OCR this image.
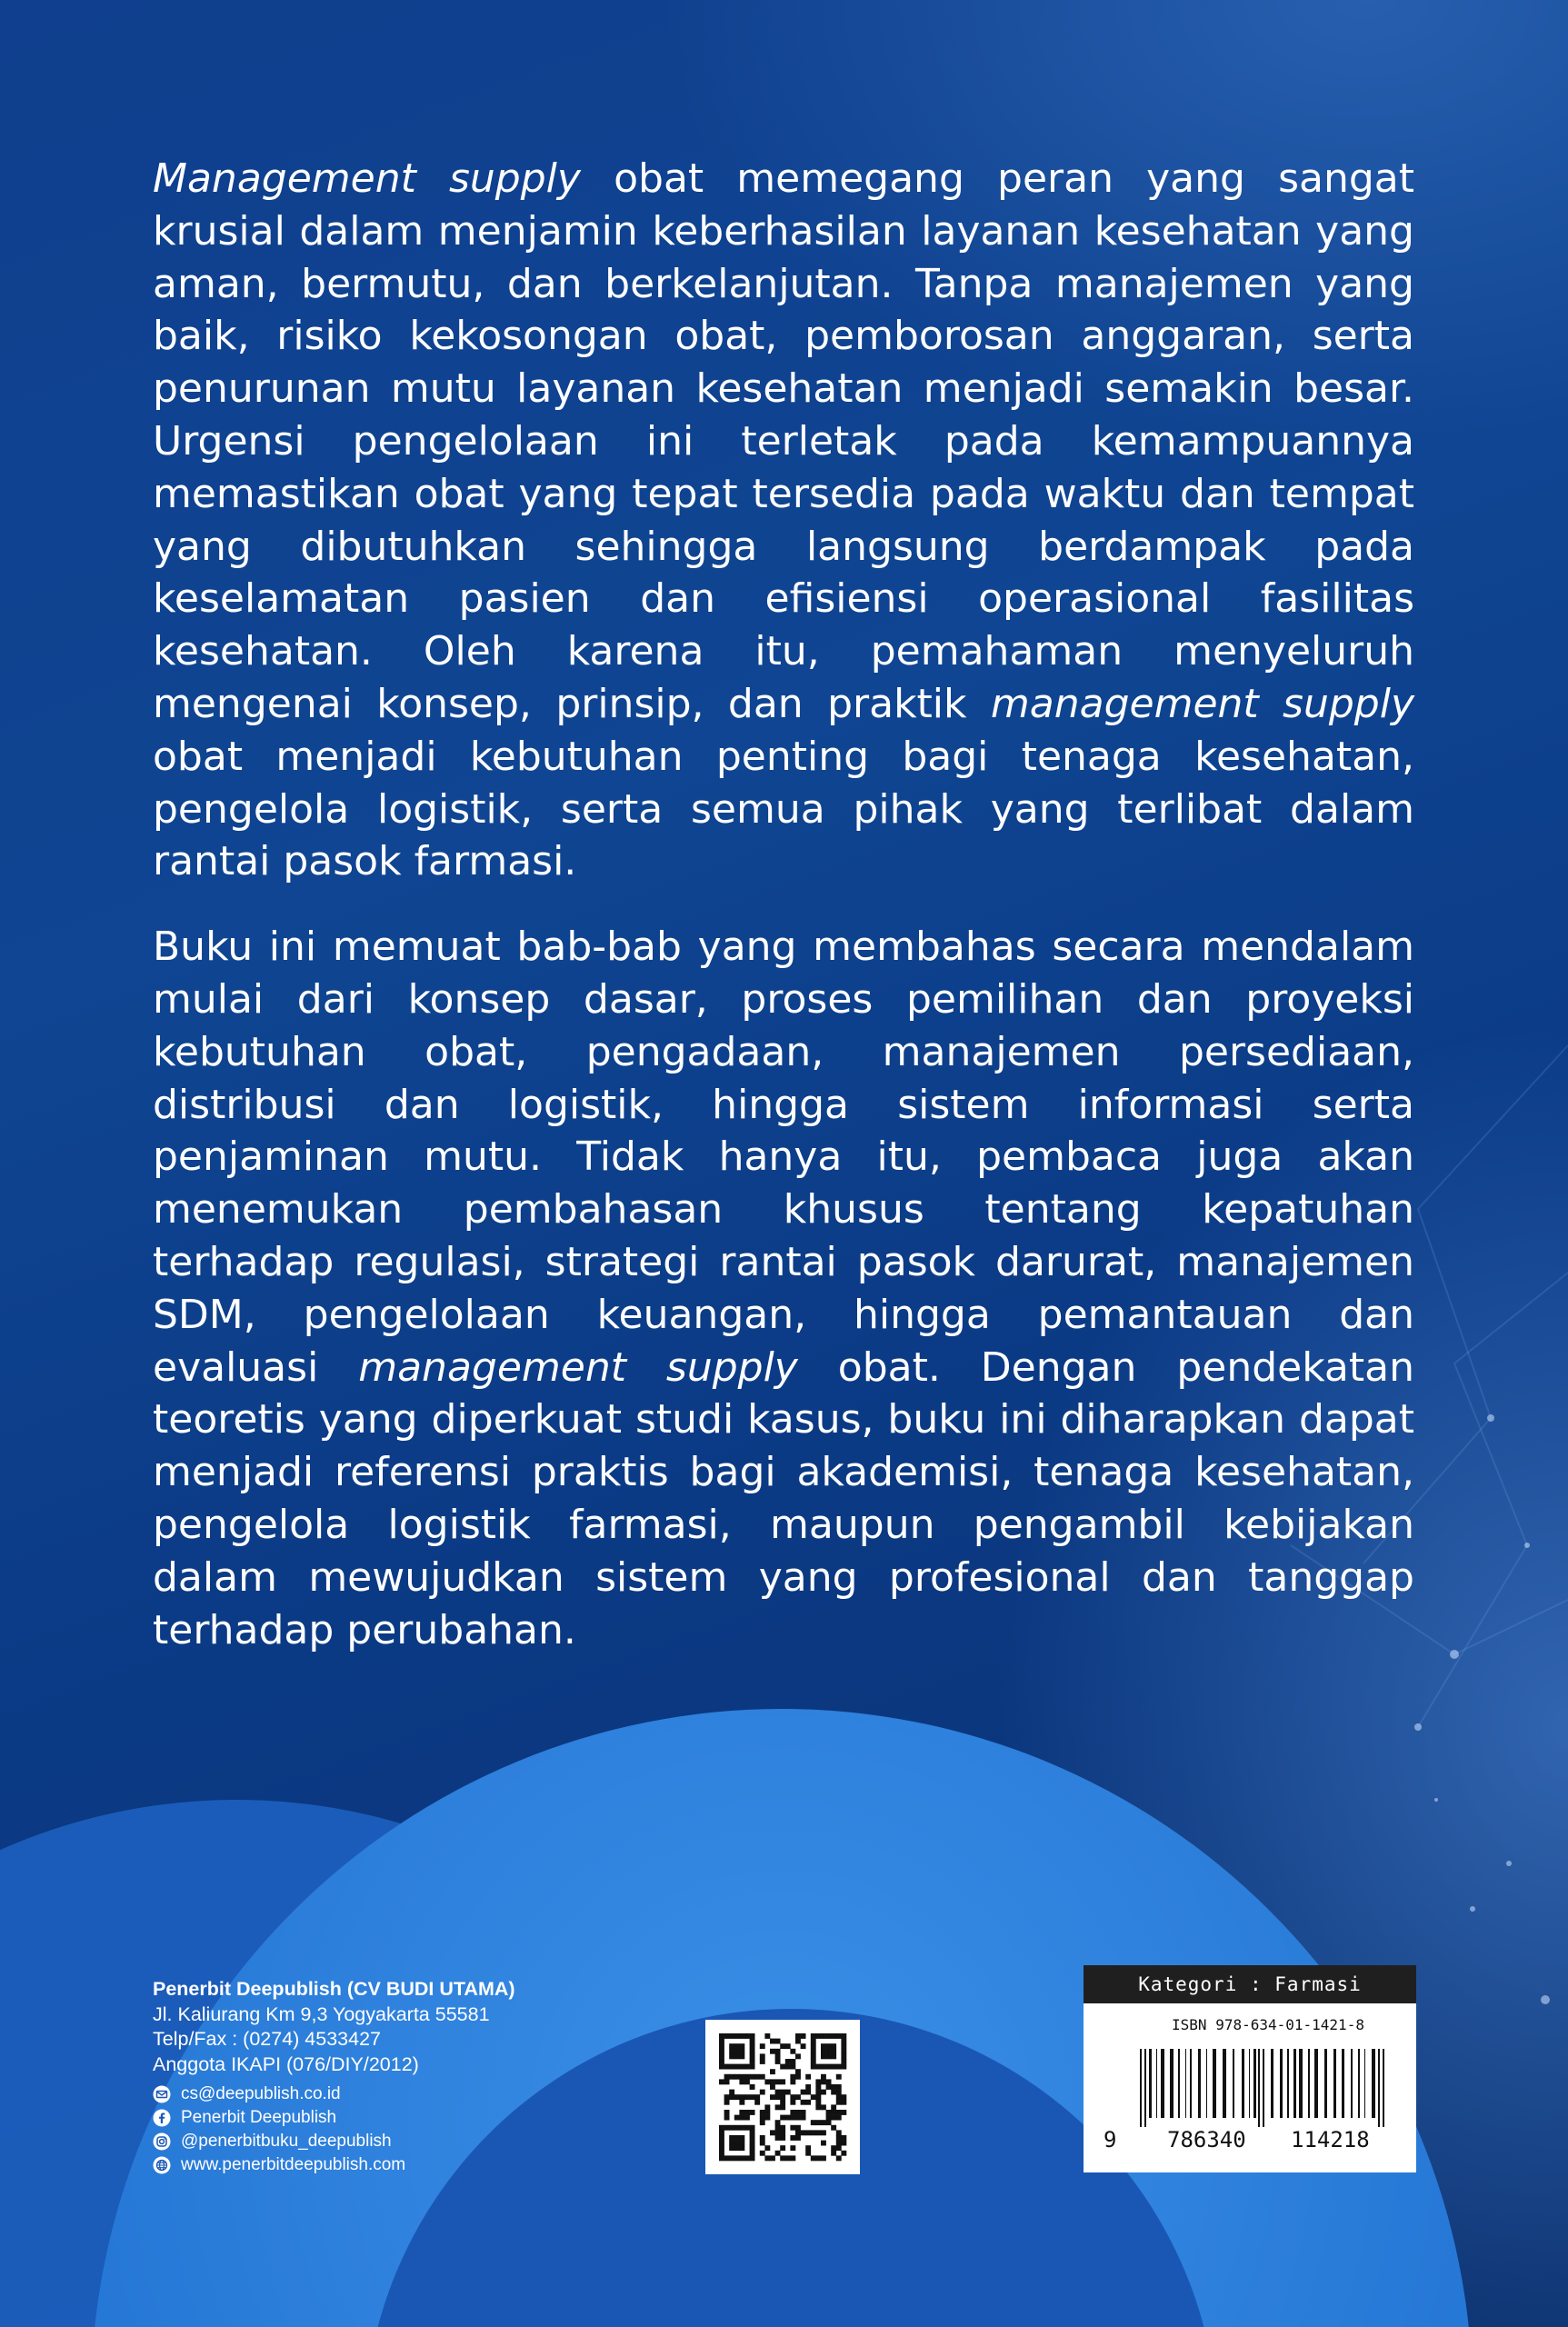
Management supply obat memegang peran yang sangat krusial dalam menjamin keberhasilan layanan kesehatan yang aman, bermutu, dan berkelanjutan. Tanpa manajemen yang baik, risiko kekosongan obat, pemborosan anggaran, serta penurunan mutu layanan kesehatan menjadi semakin besar. Urgensi pengelolaan ini terletak pada kemampuannya memastikan obat yang tepat tersedia pada waktu dan tempat yang dibutuhkan sehingga langsung berdampak pada keselamatan pasien dan efisiensi operasional fasilitas kesehatan. Oleh karena itu, pemahaman menyeluruh mengenai konsep, prinsip, dan praktik management supply obat menjadi kebutuhan penting bagi tenaga kesehatan, pengelola logistik, serta semua pihak yang terlibat dalam rantai pasok farmasi.

Buku ini memuat bab-bab yang membahas secara mendalam mulai dari konsep dasar, proses pemilihan dan proyeksi kebutuhan obat, pengadaan, manajemen persediaan, distribusi dan logistik, hingga sistem informasi serta penjaminan mutu. Tidak hanya itu, pembaca juga akan menemukan pembahasan khusus tentang kepatuhan terhadap regulasi, strategi rantai pasok darurat, manajemen SDM, pengelolaan keuangan, hingga pemantauan dan evaluasi management supply obat. Dengan pendekatan teoretis yang diperkuat studi kasus, buku ini diharapkan dapat menjadi referensi praktis bagi akademisi, tenaga kesehatan, pengelola logistik farmasi, maupun pengambil kebijakan dalam mewujudkan sistem yang profesional dan tanggap terhadap perubahan.

Penerbit Deepublish (CV BUDI UTAMA)
Jl. Kaliurang Km 9,3 Yogyakarta 55581
Telp/Fax : (0274) 4533427
Anggota IKAPI (076/DIY/2012)
cs@deepublish.co.id
Penerbit Deepublish
@penerbitbuku_deepublish
www.penerbitdeepublish.com
Kategori : Farmasi
ISBN 978-634-01-1421-8
9 786340 114218
